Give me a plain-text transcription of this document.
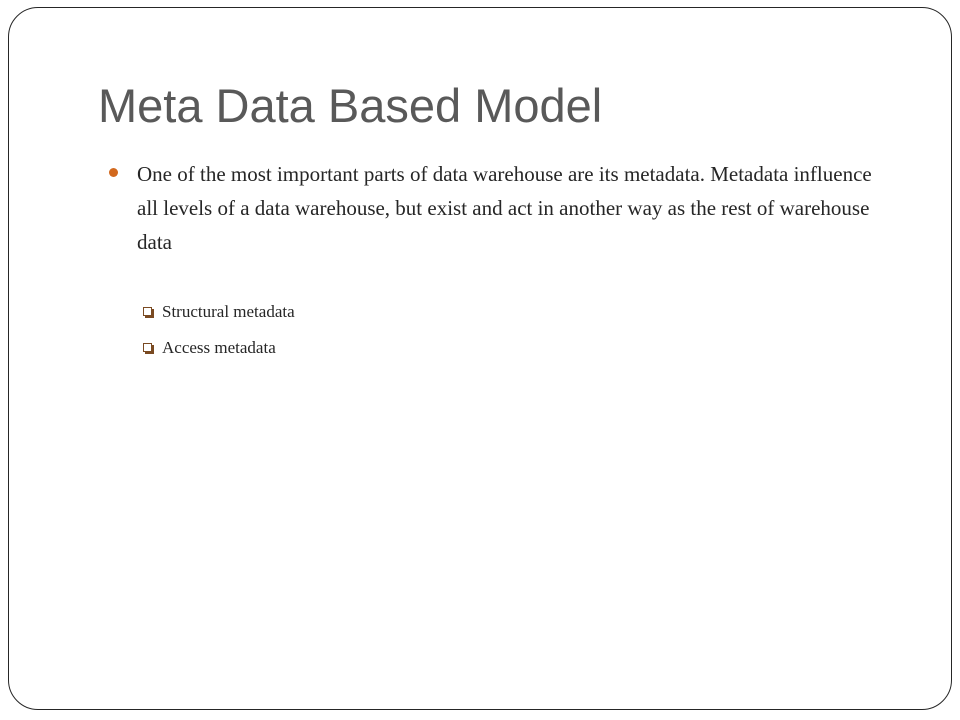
Meta Data Based Model
One of the most important parts of data warehouse are its metadata. Metadata influence all levels of a data warehouse, but exist and act in another way as the rest of warehouse data
Structural metadata
Access metadata
